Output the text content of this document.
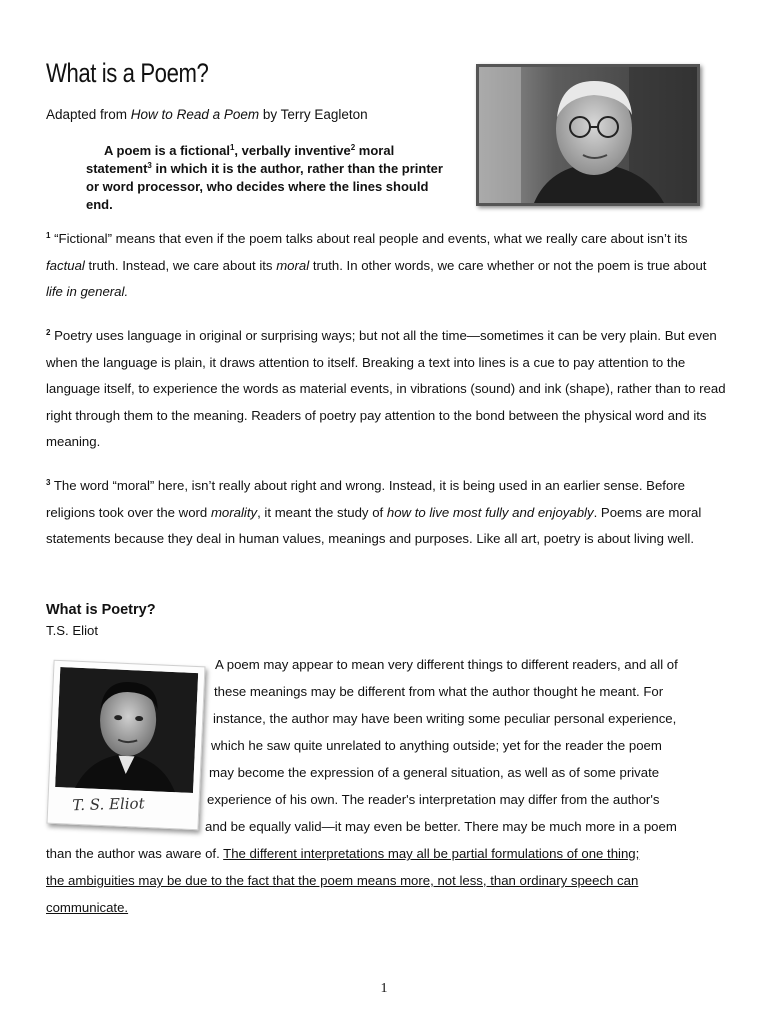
What is a Poem?
Adapted from How to Read a Poem by Terry Eagleton
A poem is a fictional$^1$, verbally inventive$^2$ moral statement$^3$ in which it is the author, rather than the printer or word processor, who decides where the lines should end.

$^1$ “Fictional” means that even if the poem talks about real people and events, what we really care about isn’t its factual truth. Instead, we care about its moral truth. In other words, we care whether or not the poem is true about life in general.

$^2$ Poetry uses language in original or surprising ways; but not all the time—sometimes it can be very plain. But even when the language is plain, it draws attention to itself. Breaking a text into lines is a cue to pay attention to the language itself, to experience the words as material events, in vibrations (sound) and ink (shape), rather than to read right through them to the meaning. Readers of poetry pay attention to the bond between the physical word and its meaning.

$^3$ The word “moral” here, isn’t really about right and wrong. Instead, it is being used in an earlier sense. Before religions took over the word morality, it meant the study of how to live most fully and enjoyably. Poems are moral statements because they deal in human values, meanings and purposes. Like all art, poetry is about living well.

What is Poetry?
T.S. Eliot
T. S. Eliot
A poem may appear to mean very different things to different readers, and all of
these meanings may be different from what the author thought he meant. For
instance, the author may have been writing some peculiar personal experience,
which he saw quite unrelated to anything outside; yet for the reader the poem
may become the expression of a general situation, as well as of some private
experience of his own. The reader's interpretation may differ from the author's
and be equally valid—it may even be better. There may be much more in a poem
than the author was aware of. The different interpretations may all be partial formulations of one thing;
the ambiguities may be due to the fact that the poem means more, not less, than ordinary speech can
communicate.
1
